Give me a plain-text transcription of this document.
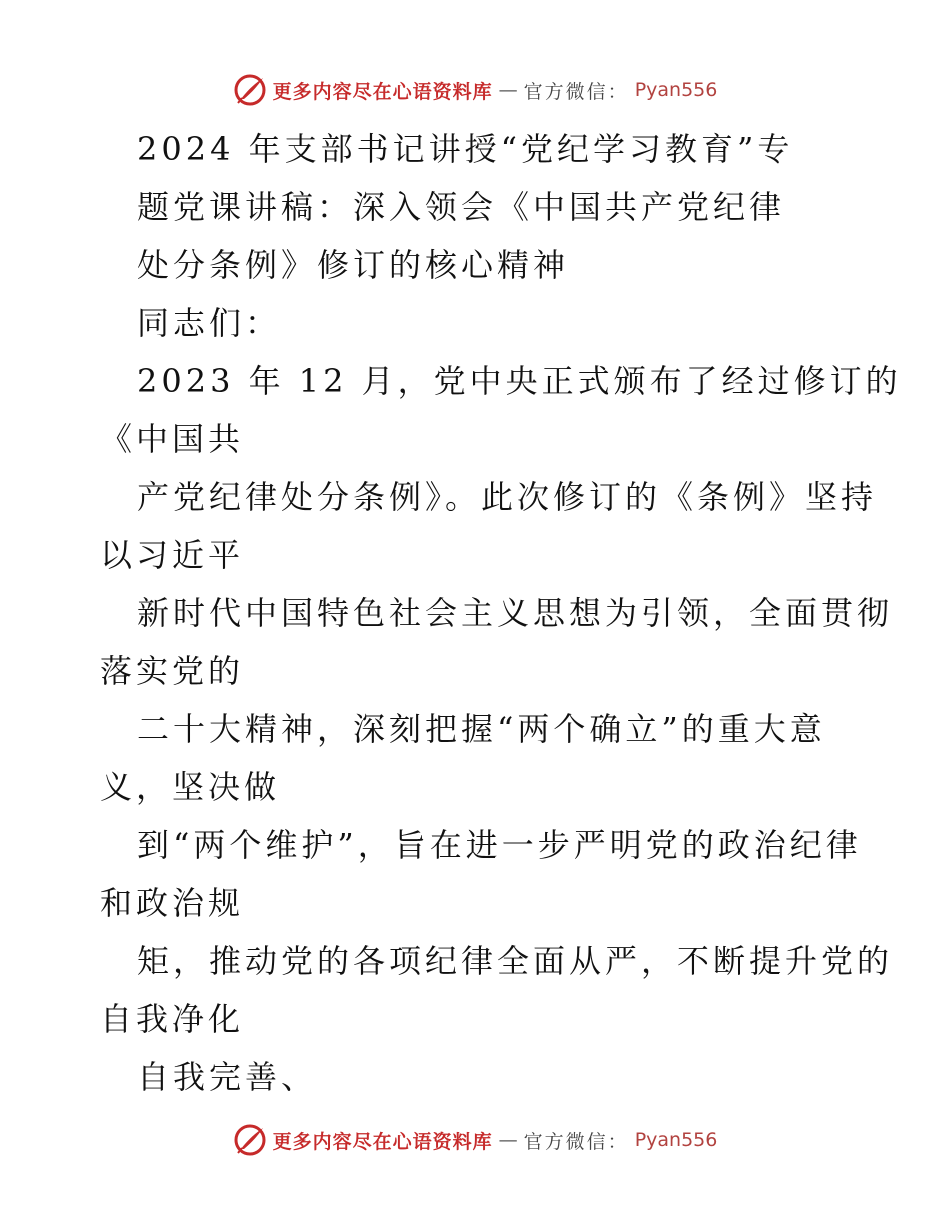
更多内容尽在心语资料库 — 官方微信： Pyan556
2024 年支部书记讲授“党纪学习教育”专
题党课讲稿：深入领会《中国共产党纪律
处分条例》修订的核心精神
同志们：
2023 年 12 月，党中央正式颁布了经过修订的
《中国共
产党纪律处分条例》。此次修订的《条例》坚持
以习近平
新时代中国特色社会主义思想为引领，全面贯彻
落实党的
二十大精神，深刻把握“两个确立”的重大意
义，坚决做
到“两个维护”，旨在进一步严明党的政治纪律
和政治规
矩，推动党的各项纪律全面从严，不断提升党的
自我净化
自我完善、
更多内容尽在心语资料库 — 官方微信： Pyan556
